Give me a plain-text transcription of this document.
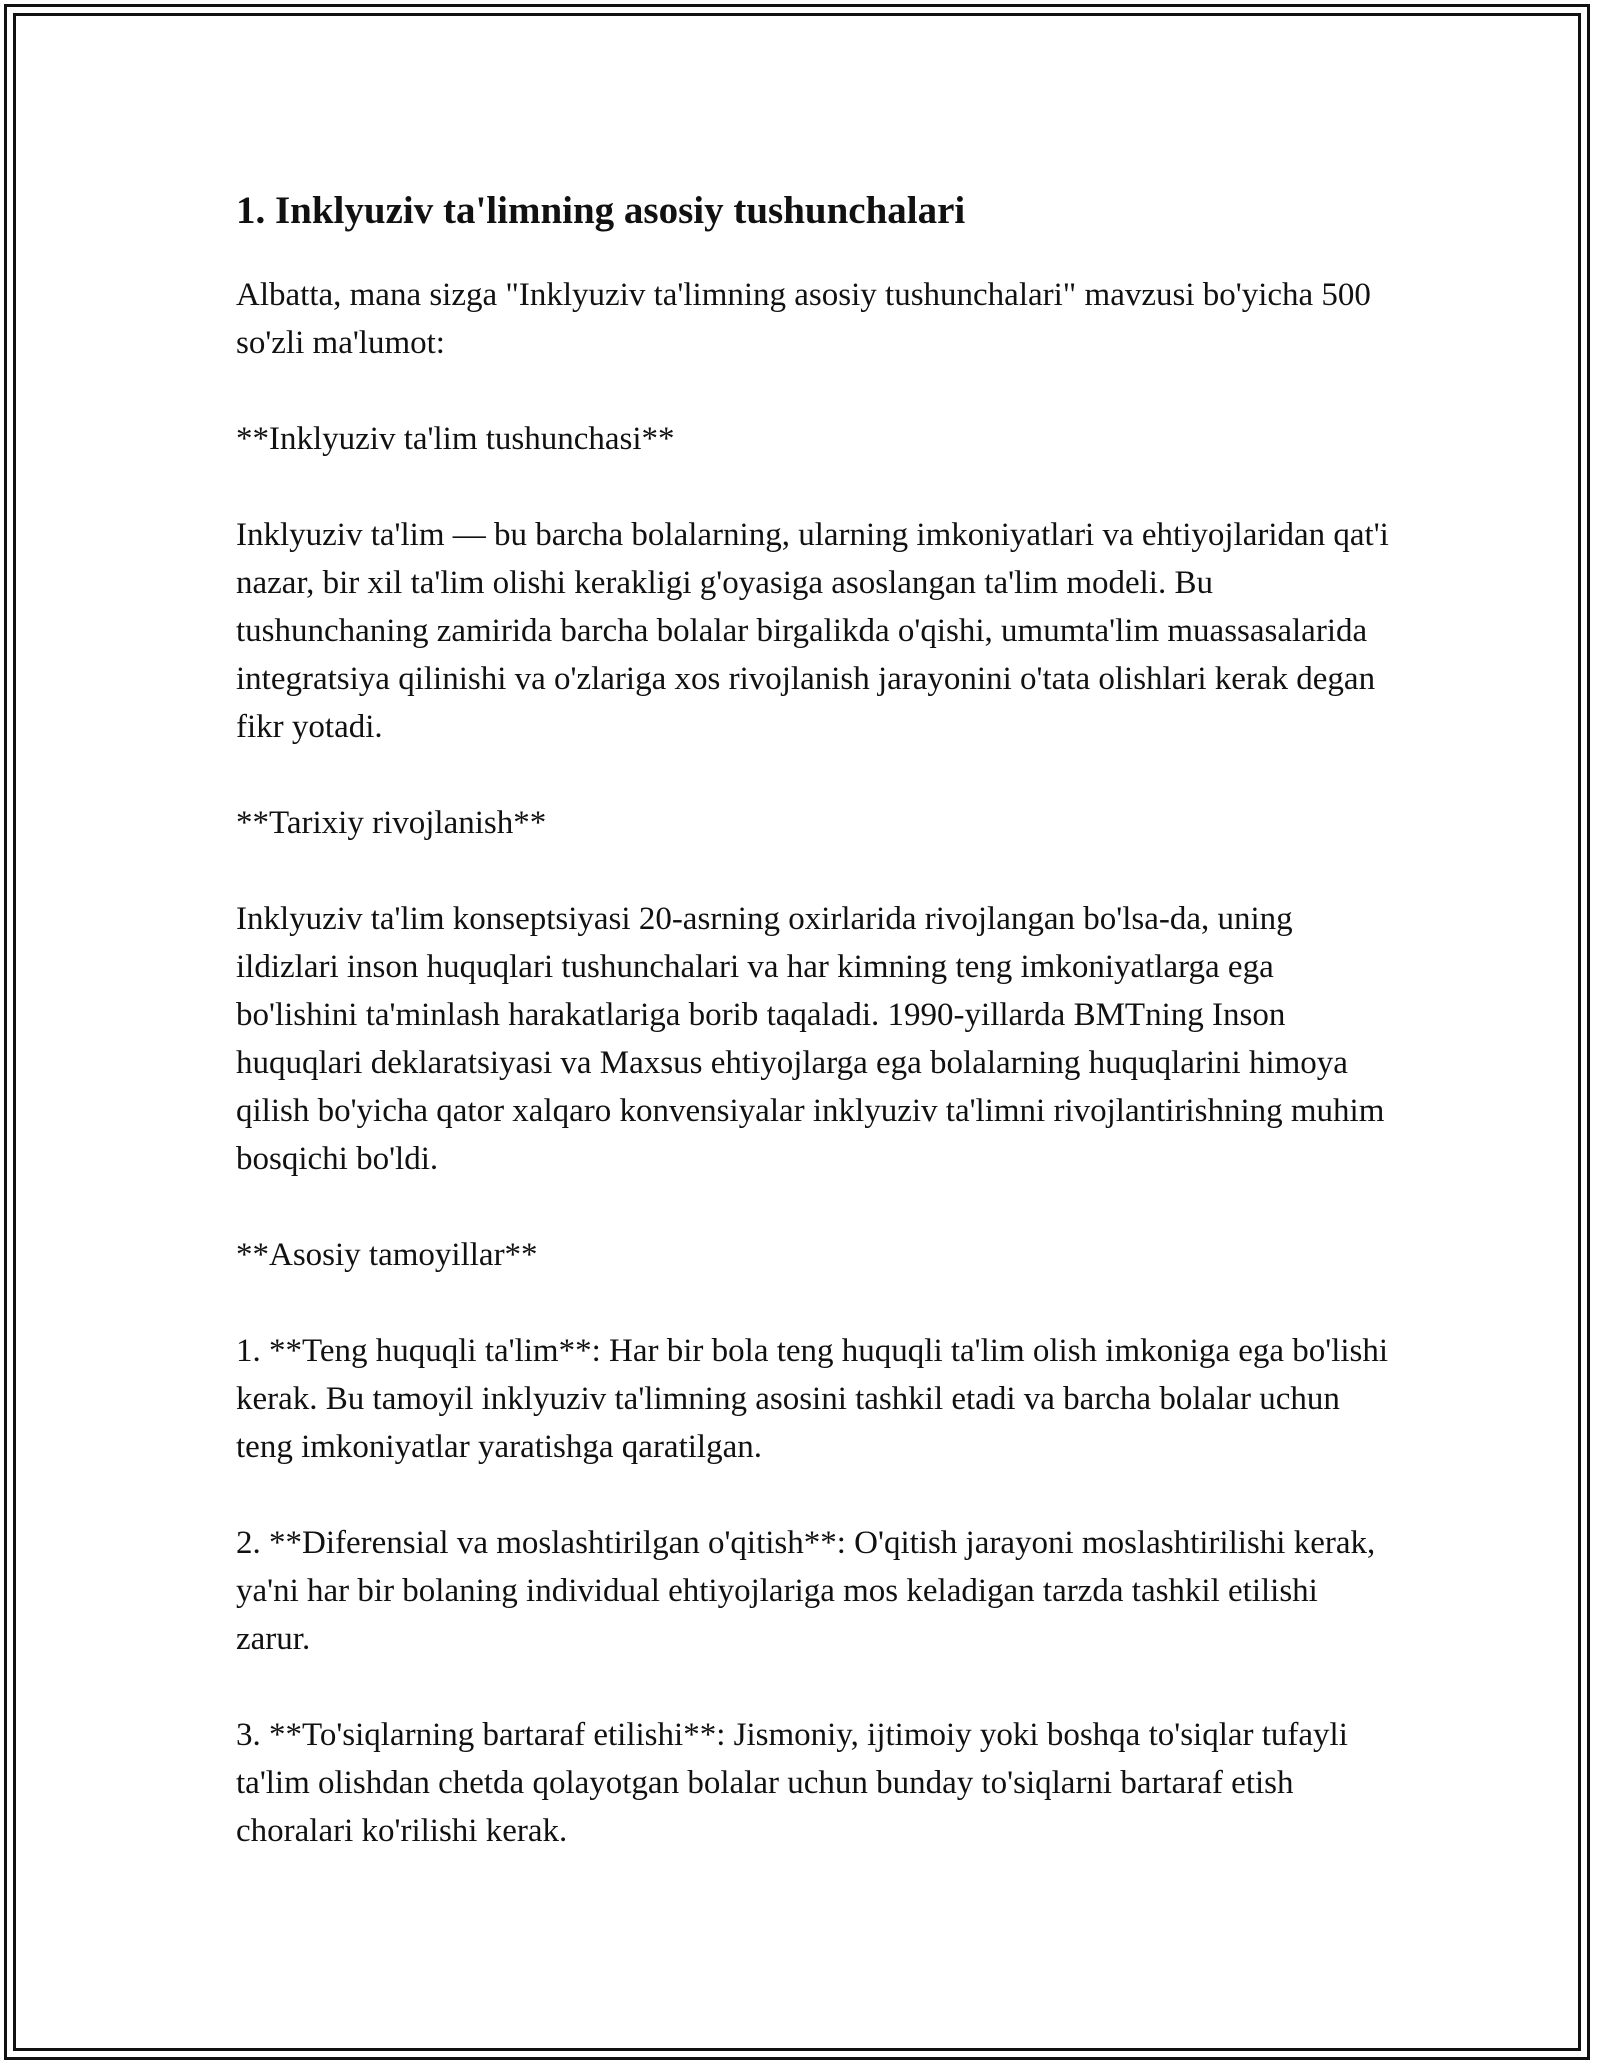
1. Inklyuziv ta'limning asosiy tushunchalari

Albatta, mana sizga "Inklyuziv ta'limning asosiy tushunchalari" mavzusi bo'yicha 500 so'zli ma'lumot:

**Inklyuziv ta'lim tushunchasi**

Inklyuziv ta'lim — bu barcha bolalarning, ularning imkoniyatlari va ehtiyojlaridan qat'i nazar, bir xil ta'lim olishi kerakligi g'oyasiga asoslangan ta'lim modeli. Bu tushunchaning zamirida barcha bolalar birgalikda o'qishi, umumta'lim muassasalarida integratsiya qilinishi va o'zlariga xos rivojlanish jarayonini o'tata olishlari kerak degan fikr yotadi.

**Tarixiy rivojlanish**

Inklyuziv ta'lim konseptsiyasi 20-asrning oxirlarida rivojlangan bo'lsa-da, uning ildizlari inson huquqlari tushunchalari va har kimning teng imkoniyatlarga ega bo'lishini ta'minlash harakatlariga borib taqaladi. 1990-yillarda BMTning Inson huquqlari deklaratsiyasi va Maxsus ehtiyojlarga ega bolalarning huquqlarini himoya qilish bo'yicha qator xalqaro konvensiyalar inklyuziv ta'limni rivojlantirishning muhim bosqichi bo'ldi.

**Asosiy tamoyillar**

1. **Teng huquqli ta'lim**: Har bir bola teng huquqli ta'lim olish imkoniga ega bo'lishi kerak. Bu tamoyil inklyuziv ta'limning asosini tashkil etadi va barcha bolalar uchun teng imkoniyatlar yaratishga qaratilgan.

2. **Diferensial va moslashtirilgan o'qitish**: O'qitish jarayoni moslashtirilishi kerak, ya'ni har bir bolaning individual ehtiyojlariga mos keladigan tarzda tashkil etilishi zarur.

3. **To'siqlarning bartaraf etilishi**: Jismoniy, ijtimoiy yoki boshqa to'siqlar tufayli ta'lim olishdan chetda qolayotgan bolalar uchun bunday to'siqlarni bartaraf etish choralari ko'rilishi kerak.
